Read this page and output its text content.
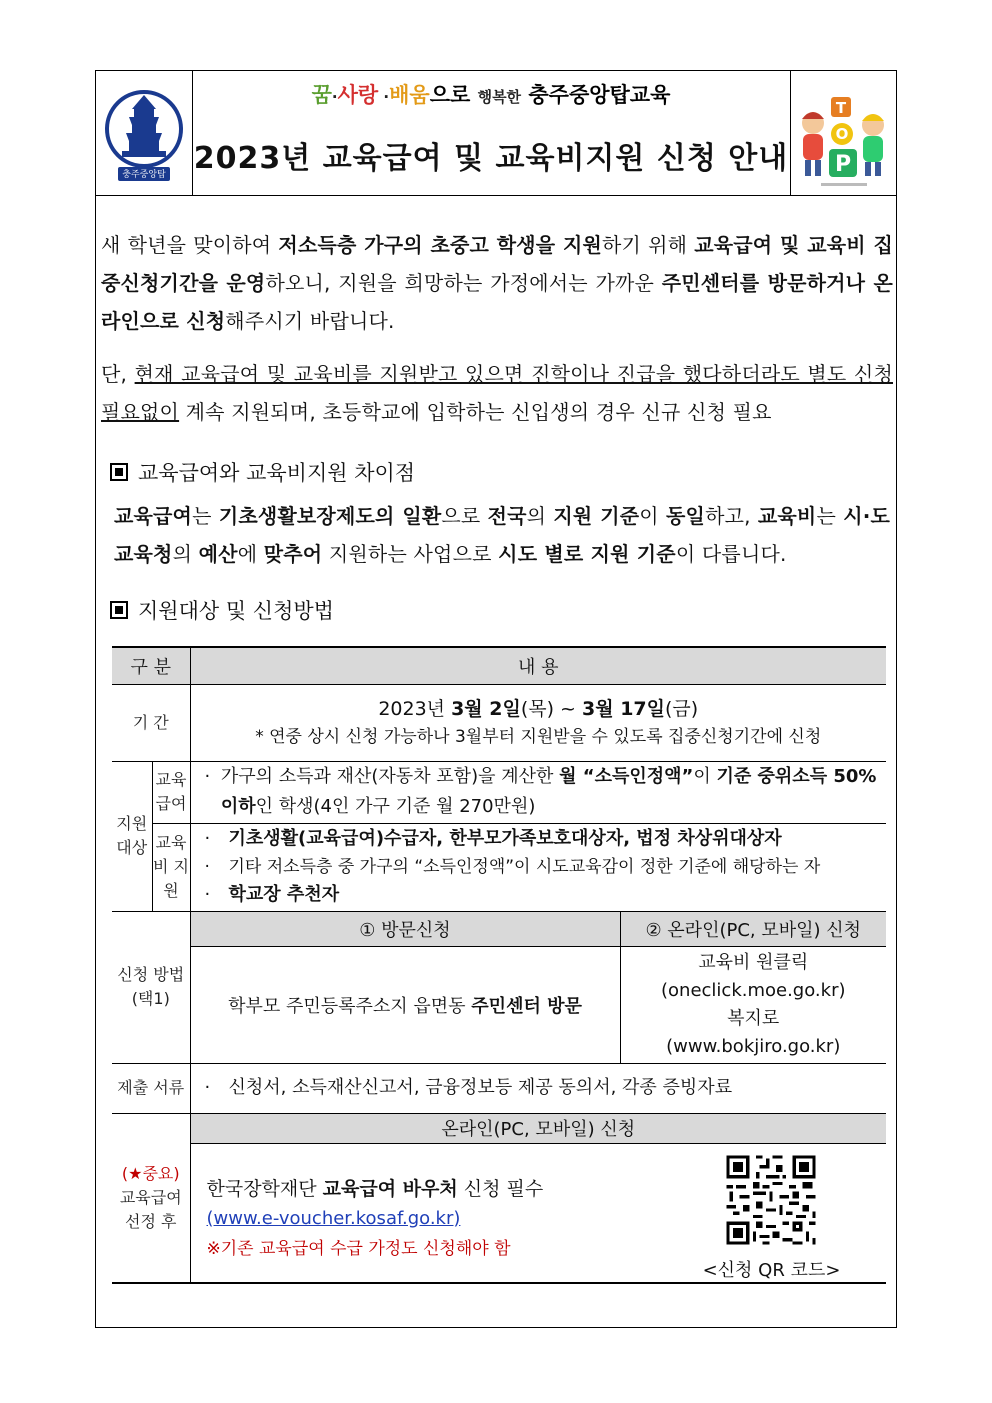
충주중앙탑
꿈·사랑 ·배움으로 행복한 충주중앙탑교육
2023년 교육급여 및 교육비지원 신청 안내
T
O
P
새 학년을 맞이하여 저소득층 가구의 초중고 학생을 지원하기 위해 교육급여 및 교육비 집중신청기간을 운영하오니, 지원을 희망하는 가정에서는 가까운 주민센터를 방문하거나 온라인으로 신청해주시기 바랍니다.
단, 현재 교육급여 및 교육비를 지원받고 있으면 진학이나 진급을 했다하더라도 별도 신청 필요없이 계속 지원되며, 초등학교에 입학하는 신입생의 경우 신규 신청 필요
교육급여와 교육비지원 차이점
교육급여는 기초생활보장제도의 일환으로 전국의 지원 기준이 동일하고, 교육비는 시·도교육청의 예산에 맞추어 지원하는 사업으로 시도 별로 지원 기준이 다릅니다.
지원대상 및 신청방법
구 분		내 용	
기 간		2023년 3월 2일(목) ~ 3월 17일(금)
* 연중 상시 신청 가능하나 3월부터 지원받을 수 있도록 집중신청기간에 신청	

지원 대상	교육 급여	· 가구의 소득과 재산(자동차 포함)을 계산한 월 “소득인정액”이 기준 중위소득 50% 이하인 학생(4인 가구 기준 월 270만원)	

	교육 비 지원	· 기초생활(교육급여)수급자, 한부모가족보호대상자, 법정 차상위대상자
· 기타 저소득층 중 가구의 “소득인정액”이 시도교육감이 정한 기준에 해당하는 자
· 학교장 추천자	

신청 방법 (택1)		① 방문신청	② 온라인(PC, 모바일) 신청
		학부모 주민등록주소지 읍면동 주민센터 방문	교육비 원클릭
(oneclick.moe.go.kr)
복지로
(www.bokjiro.go.kr)

제출 서류		· 신청서, 소득재산신고서, 금융정보등 제공 동의서, 각종 증빙자료	

(★중요)
교육급여 선정 후		온라인(PC, 모바일) 신청	

		한국장학재단 교육급여 바우처 신청 필수
(www.e-voucher.kosaf.go.kr)
※기존 교육급여 수급 가정도 신청해야 함
<신청 QR 코드>	
